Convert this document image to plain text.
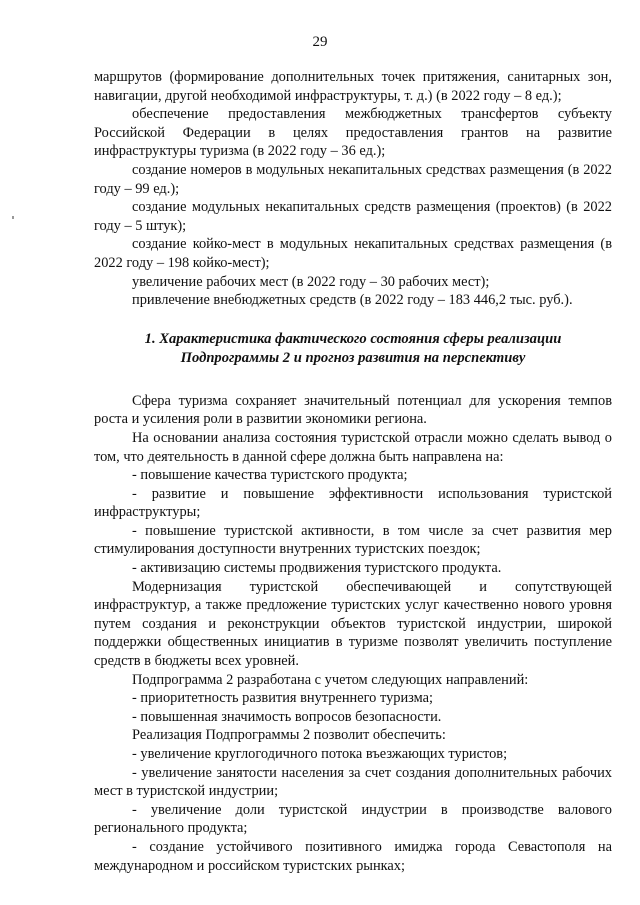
29

маршрутов (формирование дополнительных точек притяжения, санитарных зон, навигации, другой необходимой инфраструктуры, т. д.) (в 2022 году – 8 ед.);

обеспечение предоставления межбюджетных трансфертов субъекту Российской Федерации в целях предоставления грантов на развитие инфраструктуры туризма (в 2022 году – 36 ед.);

создание номеров в модульных некапитальных средствах размещения (в 2022 году – 99 ед.);

создание модульных некапитальных средств размещения (проектов) (в 2022 году – 5 штук);

создание койко-мест в модульных некапитальных средствах размещения (в 2022 году – 198 койко-мест);

увеличение рабочих мест (в 2022 году – 30 рабочих мест);

привлечение внебюджетных средств (в 2022 году – 183 446,2 тыс. руб.).

1. Характеристика фактического состояния сферы реализации
Подпрограммы 2 и прогноз развития на перспективу

Сфера туризма сохраняет значительный потенциал для ускорения темпов роста и усиления роли в развитии экономики региона.

На основании анализа состояния туристской отрасли можно сделать вывод о том, что деятельность в данной сфере должна быть направлена на:

- повышение качества туристского продукта;

- развитие и повышение эффективности использования туристской инфраструктуры;

- повышение туристской активности, в том числе за счет развития мер стимулирования доступности внутренних туристских поездок;

- активизацию системы продвижения туристского продукта.

Модернизация туристской обеспечивающей и сопутствующей инфраструктур, а также предложение туристских услуг качественно нового уровня путем создания и реконструкции объектов туристской индустрии, широкой поддержки общественных инициатив в туризме позволят увеличить поступление средств в бюджеты всех уровней.

Подпрограмма 2 разработана с учетом следующих направлений:

- приоритетность развития внутреннего туризма;

- повышенная значимость вопросов безопасности.

Реализация Подпрограммы 2 позволит обеспечить:

- увеличение круглогодичного потока въезжающих туристов;

- увеличение занятости населения за счет создания дополнительных рабочих мест в туристской индустрии;

- увеличение доли туристской индустрии в производстве валового регионального продукта;

- создание устойчивого позитивного имиджа города Севастополя на международном и российском туристских рынках;
